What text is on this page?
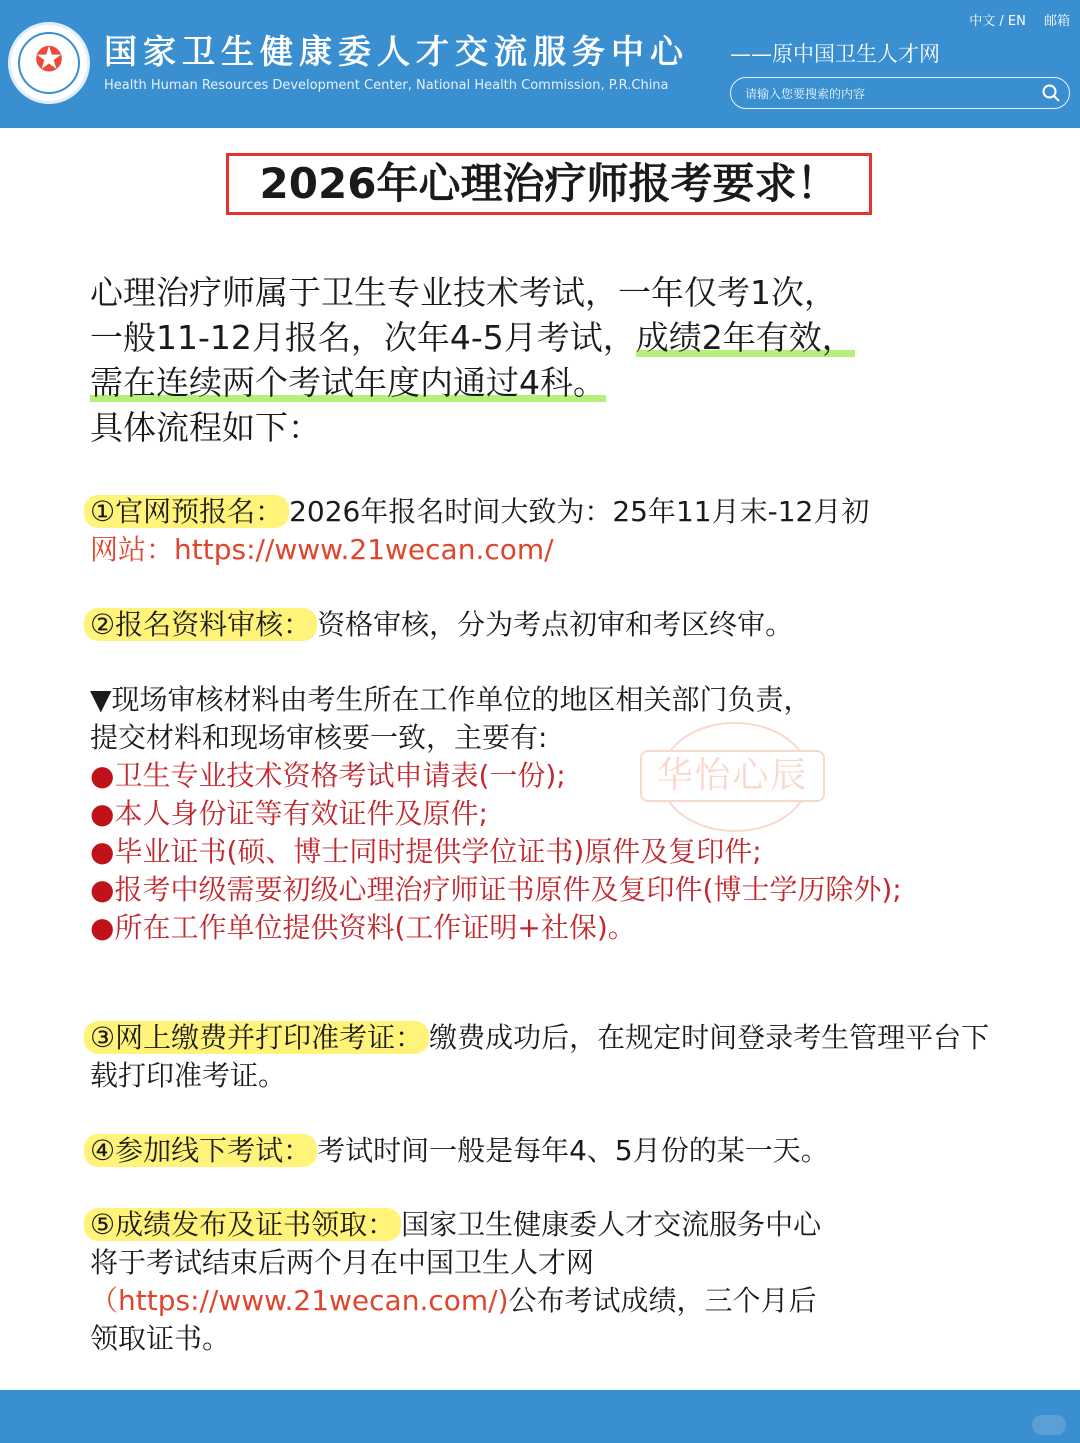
✪	国家卫生健康委人才交流服务中心
Health Human Resources Development Center, National Health Commission, P.R.China
——原中国卫生人才网
中文 / EN 邮箱
请输入您要搜索的内容
2026年心理治疗师报考要求！

心理治疗师属于卫生专业技术考试，一年仅考1次，

一般11-12月报名，次年4-5月考试，成绩2年有效，

需在连续两个考试年度内通过4科。

具体流程如下：

①官网预报名： 2026年报名时间大致为：25年11月末-12月初

网站：https://www.21wecan.com/

②报名资料审核： 资格审核，分为考点初审和考区终审。

华怡心辰

▼现场审核材料由考生所在工作单位的地区相关部门负责，

提交材料和现场审核要一致，主要有:

●卫生专业技术资格考试申请表(一份);

●本人身份证等有效证件及原件;

●毕业证书(硕、博士同时提供学位证书)原件及复印件;

●报考中级需要初级心理治疗师证书原件及复印件(博士学历除外);

●所在工作单位提供资料(工作证明+社保)。

③网上缴费并打印准考证： 缴费成功后，在规定时间登录考生管理平台下载打印准考证。

④参加线下考试： 考试时间一般是每年4、5月份的某一天。

⑤成绩发布及证书领取： 国家卫生健康委人才交流服务中心

将于考试结束后两个月在中国卫生人才网

（https://www.21wecan.com/)公布考试成绩，三个月后

领取证书。
